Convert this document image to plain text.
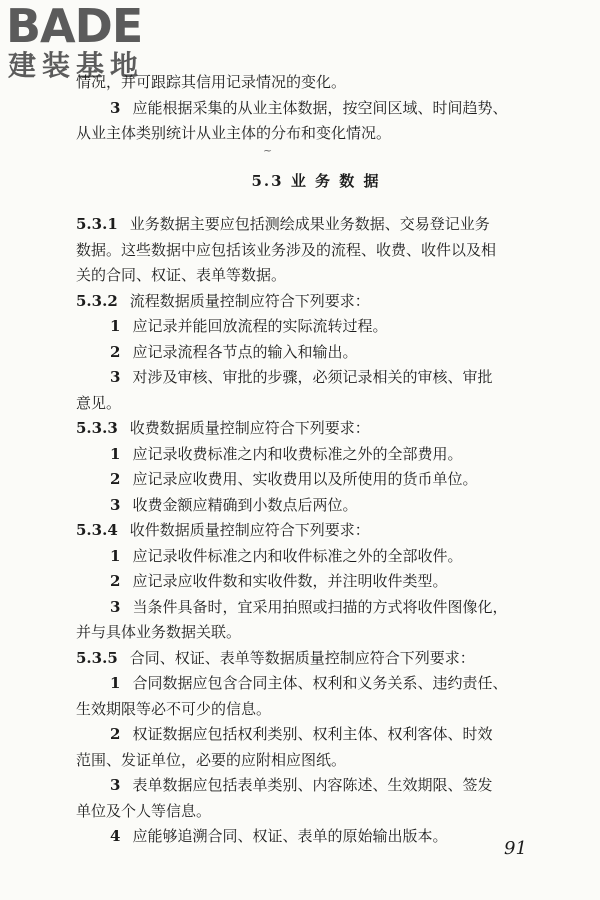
BADE
建装基地
~
情况，并可跟踪其信用记录情况的变化。
3 应能根据采集的从业主体数据，按空间区域、时间趋势、
从业主体类别统计从业主体的分布和变化情况。
5.3 业 务 数 据
5.3.1 业务数据主要应包括测绘成果业务数据、交易登记业务
数据。这些数据中应包括该业务涉及的流程、收费、收件以及相
关的合同、权证、表单等数据。
5.3.2 流程数据质量控制应符合下列要求：
1 应记录并能回放流程的实际流转过程。
2 应记录流程各节点的输入和输出。
3 对涉及审核、审批的步骤，必须记录相关的审核、审批
意见。
5.3.3 收费数据质量控制应符合下列要求：
1 应记录收费标准之内和收费标准之外的全部费用。
2 应记录应收费用、实收费用以及所使用的货币单位。
3 收费金额应精确到小数点后两位。
5.3.4 收件数据质量控制应符合下列要求：
1 应记录收件标准之内和收件标准之外的全部收件。
2 应记录应收件数和实收件数，并注明收件类型。
3 当条件具备时，宜采用拍照或扫描的方式将收件图像化，
并与具体业务数据关联。
5.3.5 合同、权证、表单等数据质量控制应符合下列要求：
1 合同数据应包含合同主体、权利和义务关系、违约责任、
生效期限等必不可少的信息。
2 权证数据应包括权利类别、权利主体、权利客体、时效
范围、发证单位，必要的应附相应图纸。
3 表单数据应包括表单类别、内容陈述、生效期限、签发
单位及个人等信息。
4 应能够追溯合同、权证、表单的原始输出版本。
91
